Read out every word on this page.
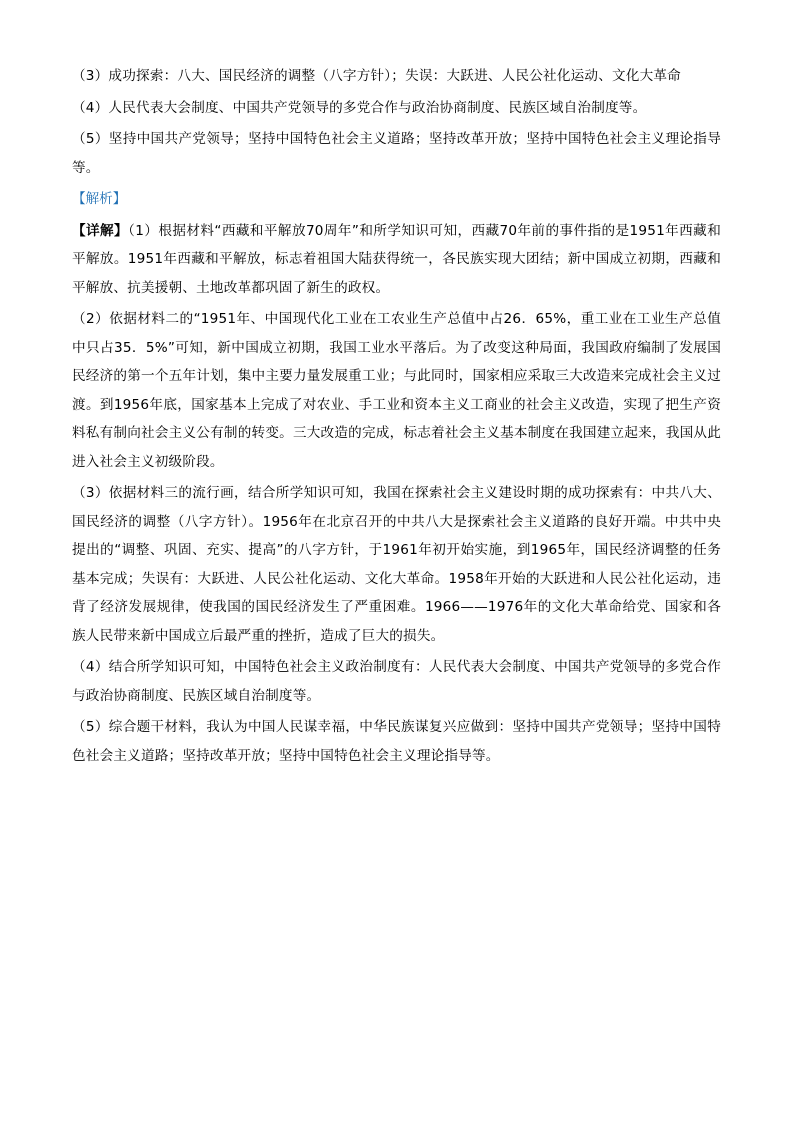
（3）成功探索：八大、国民经济的调整（八字方针）；失误：大跃进、人民公社化运动、文化大革命

（4）人民代表大会制度、中国共产党领导的多党合作与政治协商制度、民族区域自治制度等。

（5）坚持中国共产党领导；坚持中国特色社会主义道路；坚持改革开放；坚持中国特色社会主义理论指导等。

【解析】

【详解】（1）根据材料“西藏和平解放70周年”和所学知识可知，西藏70年前的事件指的是1951年西藏和平解放。1951年西藏和平解放，标志着祖国大陆获得统一，各民族实现大团结；新中国成立初期，西藏和平解放、抗美援朝、土地改革都巩固了新生的政权。

（2）依据材料二的“1951年、中国现代化工业在工农业生产总值中占26．65%，重工业在工业生产总值中只占35．5%”可知，新中国成立初期，我国工业水平落后。为了改变这种局面，我国政府编制了发展国民经济的第一个五年计划，集中主要力量发展重工业；与此同时，国家相应采取三大改造来完成社会主义过渡。到1956年底，国家基本上完成了对农业、手工业和资本主义工商业的社会主义改造，实现了把生产资料私有制向社会主义公有制的转变。三大改造的完成，标志着社会主义基本制度在我国建立起来，我国从此进入社会主义初级阶段。

（3）依据材料三的流行画，结合所学知识可知，我国在探索社会主义建设时期的成功探索有：中共八大、国民经济的调整（八字方针）。1956年在北京召开的中共八大是探索社会主义道路的良好开端。中共中央提出的“调整、巩固、充实、提高”的八字方针，于1961年初开始实施，到1965年，国民经济调整的任务基本完成；失误有：大跃进、人民公社化运动、文化大革命。1958年开始的大跃进和人民公社化运动，违背了经济发展规律，使我国的国民经济发生了严重困难。1966——1976年的文化大革命给党、国家和各族人民带来新中国成立后最严重的挫折，造成了巨大的损失。

（4）结合所学知识可知，中国特色社会主义政治制度有：人民代表大会制度、中国共产党领导的多党合作与政治协商制度、民族区域自治制度等。

（5）综合题干材料，我认为中国人民谋幸福，中华民族谋复兴应做到：坚持中国共产党领导；坚持中国特色社会主义道路；坚持改革开放；坚持中国特色社会主义理论指导等。
